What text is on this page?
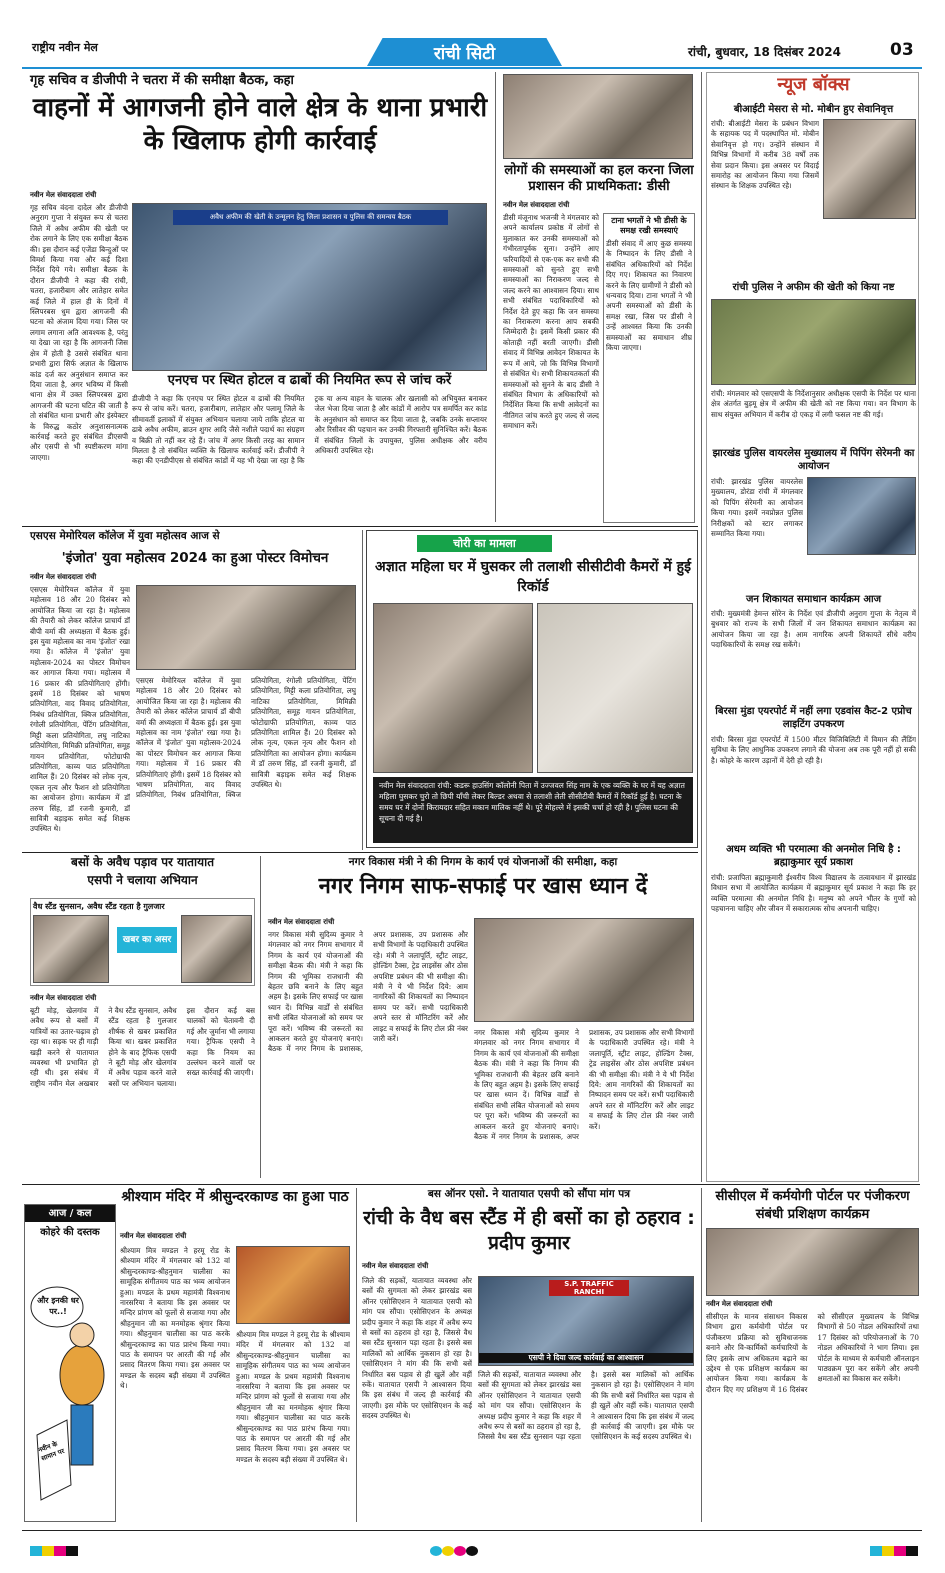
राष्ट्रीय नवीन मेल	रांची सिटी	रांची, बुधवार, 18 दिसंबर 2024	03
गृह सचिव व डीजीपी ने चतरा में की समीक्षा बैठक, कहा
वाहनों में आगजनी होने वाले क्षेत्र के थाना प्रभारी के खिलाफ होगी कार्रवाई
नवीन मेल संवाददाता रांची
गृह सचिव वंदना दादेल और डीजीपी अनुराग गुप्ता ने संयुक्त रूप से चतरा जिले में अवैध अफीम की खेती पर रोक लगाने के लिए एक समीक्षा बैठक की। इस दौरान कई एजेंडा बिन्दुओं पर विमर्श किया गया और कई दिशा निर्देश दिये गये। समीक्षा बैठक के दौरान डीजीपी ने कहा की रांची, चतरा, हजारीबाग और लातेहार समेत कई जिले में हाल ही के दिनों में स्लिपरबस धुम द्वारा आगजनी की घटना को अंजाम दिया गया। जिस पर लगाम लगाना अति आवश्यक है, परंतु या देखा जा रहा है कि आगजनी जिस क्षेत्र में होती है उससे संबंधित थाना प्रभारी द्वारा सिर्फ अज्ञात के खिलाफ कांड दर्ज कर अनुसंधान समाप्त कर दिया जाता है, अगर भविष्य में किसी थाना क्षेत्र में उक्त स्लिपरबस द्वारा आगजनी की घटना घटित की जाती है तो संबंधित थाना प्रभारी और इंस्पेक्टर के विरुद्ध कठोर अनुशासनात्मक कार्रवाई करते हुए संबंधित डीएसपी और एसपी से भी स्पष्टीकरण मांगा जाएगा।
अवैध अफीम की खेती के उन्मूलन हेतु जिला प्रशासन व पुलिस की समन्वय बैठक
एनएच पर स्थित होटल व ढाबों की नियमित रूप से जांच करें
डीजीपी ने कहा कि एनएच पर स्थित होटल व ढाबों की नियमित रूप से जांच करें। चतरा, हजारीबाग, लातेहार और पलामू जिले के सीमावर्ती इलाकों में संयुक्त अभियान चलाया जाये ताकि होटल या ढाबे अवैध अफीम, ब्राउन शुगर आदि जैसे नशीले पदार्थ का संग्रहण व बिक्री तो नहीं कर रहे हैं। जांच में अगर किसी तरह का सामान मिलता है तो संबंधित व्यक्ति के खिलाफ कार्रवाई करें। डीजीपी ने कहा की एनडीपीएस से संबंधित कांडों में यह भी देखा जा रहा है कि ट्रक या अन्य वाहन के चालक और खलासी को अभियुक्त बनाकर जेल भेजा दिया जाता है और कांडों में आरोप पत्र समर्पित कर कांड के अनुसंधान को समाप्त कर दिया जाता है, जबकि उनके सप्लायर और रिसीवर की पहचान कर उनकी गिरफ्तारी सुनिश्चित करें। बैठक में संबंधित जिलों के उपायुक्त, पुलिस अधीक्षक और वरीय अधिकारी उपस्थित रहे।
लोगों की समस्याओं का हल करना जिला प्रशासन की प्राथमिकता: डीसी
नवीन मेल संवाददाता रांची
डीसी मंजूनाथ भजन्त्री ने मंगलवार को अपने कार्यालय प्रकोष्ठ में लोगों से मुलाकात कर उनकी समस्याओं को गंभीरतापूर्वक सुना। उन्होंने आए फरियादियों से एक-एक कर सभी की समस्याओं को सुनते हुए सभी समस्याओं का निराकरण जल्द से जल्द करने का आश्वासन दिया। साथ सभी संबंधित पदाधिकारियों को निर्देश देते हुए कहा कि जन समस्या का निराकरण करना आप सबकी जिम्मेदारी है। इसमें किसी प्रकार की कोताही नहीं बरती जाएगी। डीसी संवाद में विभिन्न आवेदन शिकायत के रूप में आये, जो कि विभिन्न विभागों से संबंधित थे। सभी शिकायतकर्ता की समस्याओं को सुनने के बाद डीसी ने संबंधित विभाग के अधिकारियों को निर्देशित किया कि सभी आवेदनों का नीतिगत जांच करते हुए जल्द से जल्द समाधान करें।
टाना भगतों ने भी डीसी के समक्ष रखी समस्याएं
डीसी संवाद में आए कुछ समस्या के निष्पादन के लिए डीसी ने संबंधित अधिकारियों को निर्देश दिए गए। शिकायत का निवारण करने के लिए ग्रामीणों ने डीसी को धन्यवाद दिया। टाना भगतों ने भी अपनी समस्याओं को डीसी के समक्ष रखा, जिस पर डीसी ने उन्हें आश्वस्त किया कि उनकी समस्याओं का समाधान शीघ्र किया जाएगा।
न्यूज बॉक्स
बीआईटी मेसरा से मो. मोबीन हुए सेवानिवृत्त
रांची: बीआईटी मेसरा के प्रबंधन विभाग के सहायक पद में पदस्थापित मो. मोबीन सेवानिवृत्त हो गए। उन्होंने संस्थान में विभिन्न विभागों में करीब 38 वर्षों तक सेवा प्रदान किया। इस अवसर पर विदाई समारोह का आयोजन किया गया जिसमें संस्थान के शिक्षक उपस्थित रहे।
रांची पुलिस ने अफीम की खेती को किया नष्ट
रांची: मंगलवार को एसएसपी के निर्देशानुसार अधीक्षक एसपी के निर्देश पर थाना क्षेत्र अंतर्गत बुड़मू क्षेत्र में अफीम की खेती को नष्ट किया गया। वन विभाग के साथ संयुक्त अभियान में करीब दो एकड़ में लगी फसल नष्ट की गई।
झारखंड पुलिस वायरलेस मुख्यालय में पिपिंग सेरेमनी का आयोजन
रांची: झारखंड पुलिस वायरलेस मुख्यालय, डोरंडा रांची में मंगलवार को पिपिंग सेरेमनी का आयोजन किया गया। इसमें नवप्रोन्नत पुलिस निरीक्षकों को स्टार लगाकर सम्मानित किया गया।
जन शिकायत समाधान कार्यक्रम आज
रांची: मुख्यमंत्री हेमन्त सोरेन के निर्देश एवं डीजीपी अनुराग गुप्ता के नेतृत्व में बुधवार को राज्य के सभी जिलों में जन शिकायत समाधान कार्यक्रम का आयोजन किया जा रहा है। आम नागरिक अपनी शिकायतें सीधे वरीय पदाधिकारियों के समक्ष रख सकेंगे।
बिरसा मुंडा एयरपोर्ट में नहीं लगा एडवांस कैट-2 एप्रोच लाइटिंग उपकरण
रांची: बिरसा मुंडा एयरपोर्ट में 1500 मीटर विजिबिलिटी में विमान की लैंडिंग सुविधा के लिए आधुनिक उपकरण लगाने की योजना अब तक पूरी नहीं हो सकी है। कोहरे के कारण उड़ानों में देरी हो रही है।
अधम व्यक्ति भी परमात्मा की अनमोल निधि है : ब्रह्माकुमार सूर्य प्रकाश
रांची: प्रजापिता ब्रह्माकुमारी ईश्वरीय विश्व विद्यालय के तत्वावधान में झारखंड विधान सभा में आयोजित कार्यक्रम में ब्रह्माकुमार सूर्य प्रकाश ने कहा कि हर व्यक्ति परमात्मा की अनमोल निधि है। मनुष्य को अपने भीतर के गुणों को पहचानना चाहिए और जीवन में सकारात्मक सोच अपनानी चाहिए।
एसएस मेमोरियल कॉलेज में युवा महोत्सव आज से
'इंजोत' युवा महोत्सव 2024 का हुआ पोस्टर विमोचन
नवीन मेल संवाददाता रांची
एसएस मेमोरियल कॉलेज में युवा महोत्सव 18 और 20 दिसंबर को आयोजित किया जा रहा है। महोत्सव की तैयारी को लेकर कॉलेज प्राचार्य डॉ बीपी वर्मा की अध्यक्षता में बैठक हुई। इस युवा महोत्सव का नाम 'इंजोत' रखा गया है। कॉलेज में 'इंजोत' युवा महोत्सव-2024 का पोस्टर विमोचन कर आगाज किया गया। महोत्सव में 16 प्रकार की प्रतियोगिताएं होंगी। इसमें 18 दिसंबर को भाषण प्रतियोगिता, वाद विवाद प्रतियोगिता, निबंध प्रतियोगिता, क्विज प्रतियोगिता, रंगोली प्रतियोगिता, पेंटिंग प्रतियोगिता, मिट्टी कला प्रतियोगिता, लघु नाटिका प्रतियोगिता, मिमिक्री प्रतियोगिता, समूह गायन प्रतियोगिता, फोटोग्राफी प्रतियोगिता, काव्य पाठ प्रतियोगिता शामिल हैं। 20 दिसंबर को लोक नृत्य, एकल नृत्य और फैशन शो प्रतियोगिता का आयोजन होगा। कार्यक्रम में डॉ तरुण सिंह, डॉ रजनी कुमारी, डॉ सावित्री बड़ाइक समेत कई शिक्षक उपस्थित थे।
एसएस मेमोरियल कॉलेज में युवा महोत्सव 18 और 20 दिसंबर को आयोजित किया जा रहा है। महोत्सव की तैयारी को लेकर कॉलेज प्राचार्य डॉ बीपी वर्मा की अध्यक्षता में बैठक हुई। इस युवा महोत्सव का नाम 'इंजोत' रखा गया है। कॉलेज में 'इंजोत' युवा महोत्सव-2024 का पोस्टर विमोचन कर आगाज किया गया। महोत्सव में 16 प्रकार की प्रतियोगिताएं होंगी। इसमें 18 दिसंबर को भाषण प्रतियोगिता, वाद विवाद प्रतियोगिता, निबंध प्रतियोगिता, क्विज प्रतियोगिता, रंगोली प्रतियोगिता, पेंटिंग प्रतियोगिता, मिट्टी कला प्रतियोगिता, लघु नाटिका प्रतियोगिता, मिमिक्री प्रतियोगिता, समूह गायन प्रतियोगिता, फोटोग्राफी प्रतियोगिता, काव्य पाठ प्रतियोगिता शामिल हैं। 20 दिसंबर को लोक नृत्य, एकल नृत्य और फैशन शो प्रतियोगिता का आयोजन होगा। कार्यक्रम में डॉ तरुण सिंह, डॉ रजनी कुमारी, डॉ सावित्री बड़ाइक समेत कई शिक्षक उपस्थित थे।
चोरी का मामला
अज्ञात महिला घर में घुसकर ली तलाशी सीसीटीवी कैमरों में हुई रिकॉर्ड
नवीन मेल संवाददाता रांची: कडरू हाउसिंग कॉलोनी पिता में उज्जवल सिंह नाम के एक व्यक्ति के घर में यह अज्ञात महिला घुसकर चुरो तो छिपी याँची लेकर बिल्डर अथवा से तलाशी लेती सीसीटीवी कैमरों में रिकॉर्ड हुई है। घटना के समय घर में दोनों किरायदार सहित मकान मालिक नहीं थे। पूरे मोहल्ले में इसकी चर्चा हो रही है। पुलिस घटना की सूचना दी गई है।
बसों के अवैध पड़ाव पर यातायात
एसपी ने चलाया अभियान
वैध स्टैंड सुनसान, अवैध स्टैंड रहता है गुलजार
खबर का असर
नवीन मेल संवाददाता रांची
बूटी मोड़, खेलगांव में अवैध रूप से बसों में यात्रियों का उतार-चढ़ाव हो रहा था। सड़क पर ही गाड़ी खड़ी करने से यातायात व्यवस्था भी प्रभावित हो रही थी। इस संबंध में राष्ट्रीय नवीन मेल अखबार ने वैध स्टैंड सुनसान, अवैध स्टैंड रहता है गुलजार शीर्षक से खबर प्रकाशित किया था। खबर प्रकाशित होने के बाद ट्रैफिक एसपी ने बूटी मोड़ और खेलगांव में अवैध पड़ाव करने वाले बसों पर अभियान चलाया। इस दौरान कई बस चालकों को चेतावनी दी गई और जुर्माना भी लगाया गया। ट्रैफिक एसपी ने कहा कि नियम का उल्लंघन करने वालों पर सख्त कार्रवाई की जाएगी।
नगर विकास मंत्री ने की निगम के कार्य एवं योजनाओं की समीक्षा, कहा
नगर निगम साफ-सफाई पर खास ध्यान दें
नवीन मेल संवाददाता रांची
नगर विकास मंत्री सुदिव्य कुमार ने मंगलवार को नगर निगम सभागार में निगम के कार्य एवं योजनाओं की समीक्षा बैठक की। मंत्री ने कहा कि निगम की भूमिका राजधानी की बेहतर छवि बनाने के लिए बहुत अहम है। इसके लिए सफाई पर खास ध्यान दें। विभिन्न वार्डों से संबंधित सभी लंबित योजनाओं को समय पर पूरा करें। भविष्य की जरूरतों का आकलन करते हुए योजनाएं बनाएं। बैठक में नगर निगम के प्रशासक, अपर प्रशासक, उप प्रशासक और सभी विभागों के पदाधिकारी उपस्थित रहे। मंत्री ने जलापूर्ति, स्ट्रीट लाइट, होल्डिंग टैक्स, ट्रेड लाइसेंस और ठोस अपशिष्ट प्रबंधन की भी समीक्षा की। मंत्री ने ये भी निर्देश दिये: आम नागरिकों की शिकायतों का निष्पादन समय पर करें। सभी पदाधिकारी अपने स्तर से मॉनिटरिंग करें और लाइट व सफाई के लिए टोल फ्री नंबर जारी करें।
नगर विकास मंत्री सुदिव्य कुमार ने मंगलवार को नगर निगम सभागार में निगम के कार्य एवं योजनाओं की समीक्षा बैठक की। मंत्री ने कहा कि निगम की भूमिका राजधानी की बेहतर छवि बनाने के लिए बहुत अहम है। इसके लिए सफाई पर खास ध्यान दें। विभिन्न वार्डों से संबंधित सभी लंबित योजनाओं को समय पर पूरा करें। भविष्य की जरूरतों का आकलन करते हुए योजनाएं बनाएं। बैठक में नगर निगम के प्रशासक, अपर प्रशासक, उप प्रशासक और सभी विभागों के पदाधिकारी उपस्थित रहे। मंत्री ने जलापूर्ति, स्ट्रीट लाइट, होल्डिंग टैक्स, ट्रेड लाइसेंस और ठोस अपशिष्ट प्रबंधन की भी समीक्षा की। मंत्री ने ये भी निर्देश दिये: आम नागरिकों की शिकायतों का निष्पादन समय पर करें। सभी पदाधिकारी अपने स्तर से मॉनिटरिंग करें और लाइट व सफाई के लिए टोल फ्री नंबर जारी करें।
श्रीश्याम मंदिर में श्रीसुन्दरकाण्ड का हुआ पाठ
नवीन मेल संवाददाता रांची
श्रीश्याम मित्र मण्डल ने हरमू रोड के श्रीश्याम मंदिर में मंगलवार को 132 वां श्रीसुन्दरकाण्ड-श्रीहनुमान चालीसा का सामूहिक संगीतमय पाठ का भव्य आयोजन हुआ। मण्डल के प्रथम महामंत्री विश्वनाथ नारसरिया ने बताया कि इस अवसर पर मन्दिर प्रांगण को फूलों से सजाया गया और श्रीहनुमान जी का मनमोहक श्रृंगार किया गया। श्रीहनुमान चालीसा का पाठ करके श्रीसुन्दरकाण्ड का पाठ प्रारंभ किया गया। पाठ के समापन पर आरती की गई और प्रसाद वितरण किया गया। इस अवसर पर मण्डल के सदस्य बड़ी संख्या में उपस्थित थे।
श्रीश्याम मित्र मण्डल ने हरमू रोड के श्रीश्याम मंदिर में मंगलवार को 132 वां श्रीसुन्दरकाण्ड-श्रीहनुमान चालीसा का सामूहिक संगीतमय पाठ का भव्य आयोजन हुआ। मण्डल के प्रथम महामंत्री विश्वनाथ नारसरिया ने बताया कि इस अवसर पर मन्दिर प्रांगण को फूलों से सजाया गया और श्रीहनुमान जी का मनमोहक श्रृंगार किया गया। श्रीहनुमान चालीसा का पाठ करके श्रीसुन्दरकाण्ड का पाठ प्रारंभ किया गया। पाठ के समापन पर आरती की गई और प्रसाद वितरण किया गया। इस अवसर पर मण्डल के सदस्य बड़ी संख्या में उपस्थित थे।
आज / कल
कोहरे की दस्तक
और इनकी धर पर..!
नवीन के सामान पर
बस ऑनर एसो. ने यातायात एसपी को सौंपा मांग पत्र
रांची के वैध बस स्टैंड में ही बसों का हो ठहराव : प्रदीप कुमार
नवीन मेल संवाददाता रांची
जिले की सड़कों, यातायात व्यवस्था और बसों की सुगमता को लेकर झारखंड बस ऑनर एसोसिएशन ने यातायात एसपी को मांग पत्र सौंपा। एसोसिएशन के अध्यक्ष प्रदीप कुमार ने कहा कि शहर में अवैध रूप से बसों का ठहराव हो रहा है, जिससे वैध बस स्टैंड सुनसान पड़ा रहता है। इससे बस मालिकों को आर्थिक नुकसान हो रहा है। एसोसिएशन ने मांग की कि सभी बसें निर्धारित बस पड़ाव से ही खुलें और वहीं रुकें। यातायात एसपी ने आश्वासन दिया कि इस संबंध में जल्द ही कार्रवाई की जाएगी। इस मौके पर एसोसिएशन के कई सदस्य उपस्थित थे।
S.P. TRAFFIC RANCHI
एसपी ने दिया जल्द कार्रवाई का आश्वासन
जिले की सड़कों, यातायात व्यवस्था और बसों की सुगमता को लेकर झारखंड बस ऑनर एसोसिएशन ने यातायात एसपी को मांग पत्र सौंपा। एसोसिएशन के अध्यक्ष प्रदीप कुमार ने कहा कि शहर में अवैध रूप से बसों का ठहराव हो रहा है, जिससे वैध बस स्टैंड सुनसान पड़ा रहता है। इससे बस मालिकों को आर्थिक नुकसान हो रहा है। एसोसिएशन ने मांग की कि सभी बसें निर्धारित बस पड़ाव से ही खुलें और वहीं रुकें। यातायात एसपी ने आश्वासन दिया कि इस संबंध में जल्द ही कार्रवाई की जाएगी। इस मौके पर एसोसिएशन के कई सदस्य उपस्थित थे।
सीसीएल में कर्मयोगी पोर्टल पर पंजीकरण संबंधी प्रशिक्षण कार्यक्रम
नवीन मेल संवाददाता रांची
सीसीएल के मानव संसाधन विकास विभाग द्वारा कर्मयोगी पोर्टल पर पंजीकरण प्रक्रिया को सुविधाजनक बनाने और वि-कार्मिकों कर्मचारियों के लिए इसके लाभ अधिकतम बढ़ाने का उद्देश्य से एक प्रशिक्षण कार्यक्रम का आयोजन किया गया। कार्यक्रम के दौरान दिए गए प्रशिक्षण में 16 दिसंबर को सीसीएल मुख्यालय के विभिन्न विभागों से 50 नोडल अधिकारियों तथा 17 दिसंबर को परियोजनाओं के 70 नोडल अधिकारियों ने भाग लिया। इस पोर्टल के माध्यम से कर्मचारी ऑनलाइन पाठ्यक्रम पूरा कर सकेंगे और अपनी क्षमताओं का विकास कर सकेंगे।
